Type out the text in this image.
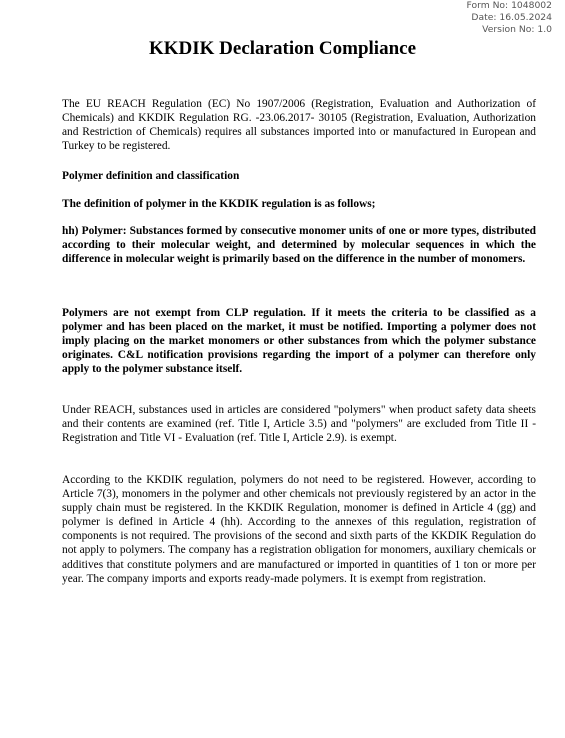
Form No: 1048002
Date: 16.05.2024
Version No: 1.0
KKDIK Declaration Compliance

The EU REACH Regulation (EC) No 1907/2006 (Registration, Evaluation and Authorization of Chemicals) and KKDIK Regulation RG. -23.06.2017- 30105 (Registration, Evaluation, Authorization and Restriction of Chemicals) requires all substances imported into or manufactured in European and Turkey to be registered.

Polymer definition and classification

The definition of polymer in the KKDIK regulation is as follows;

hh) Polymer: Substances formed by consecutive monomer units of one or more types, distributed according to their molecular weight, and determined by molecular sequences in which the difference in molecular weight is primarily based on the difference in the number of monomers.

Polymers are not exempt from CLP regulation. If it meets the criteria to be classified as a polymer and has been placed on the market, it must be notified. Importing a polymer does not imply placing on the market monomers or other substances from which the polymer substance originates. C&L notification provisions regarding the import of a polymer can therefore only apply to the polymer substance itself.

Under REACH, substances used in articles are considered "polymers" when product safety data sheets and their contents are examined (ref. Title I, Article 3.5) and "polymers" are excluded from Title II - Registration and Title VI - Evaluation (ref. Title I, Article 2.9). is exempt.

According to the KKDIK regulation, polymers do not need to be registered. However, according to Article 7(3), monomers in the polymer and other chemicals not previously registered by an actor in the supply chain must be registered. In the KKDIK Regulation, monomer is defined in Article 4 (gg) and polymer is defined in Article 4 (hh). According to the annexes of this regulation, registration of components is not required. The provisions of the second and sixth parts of the KKDIK Regulation do not apply to polymers. The company has a registration obligation for monomers, auxiliary chemicals or additives that constitute polymers and are manufactured or imported in quantities of 1 ton or more per year. The company imports and exports ready-made polymers. It is exempt from registration.
